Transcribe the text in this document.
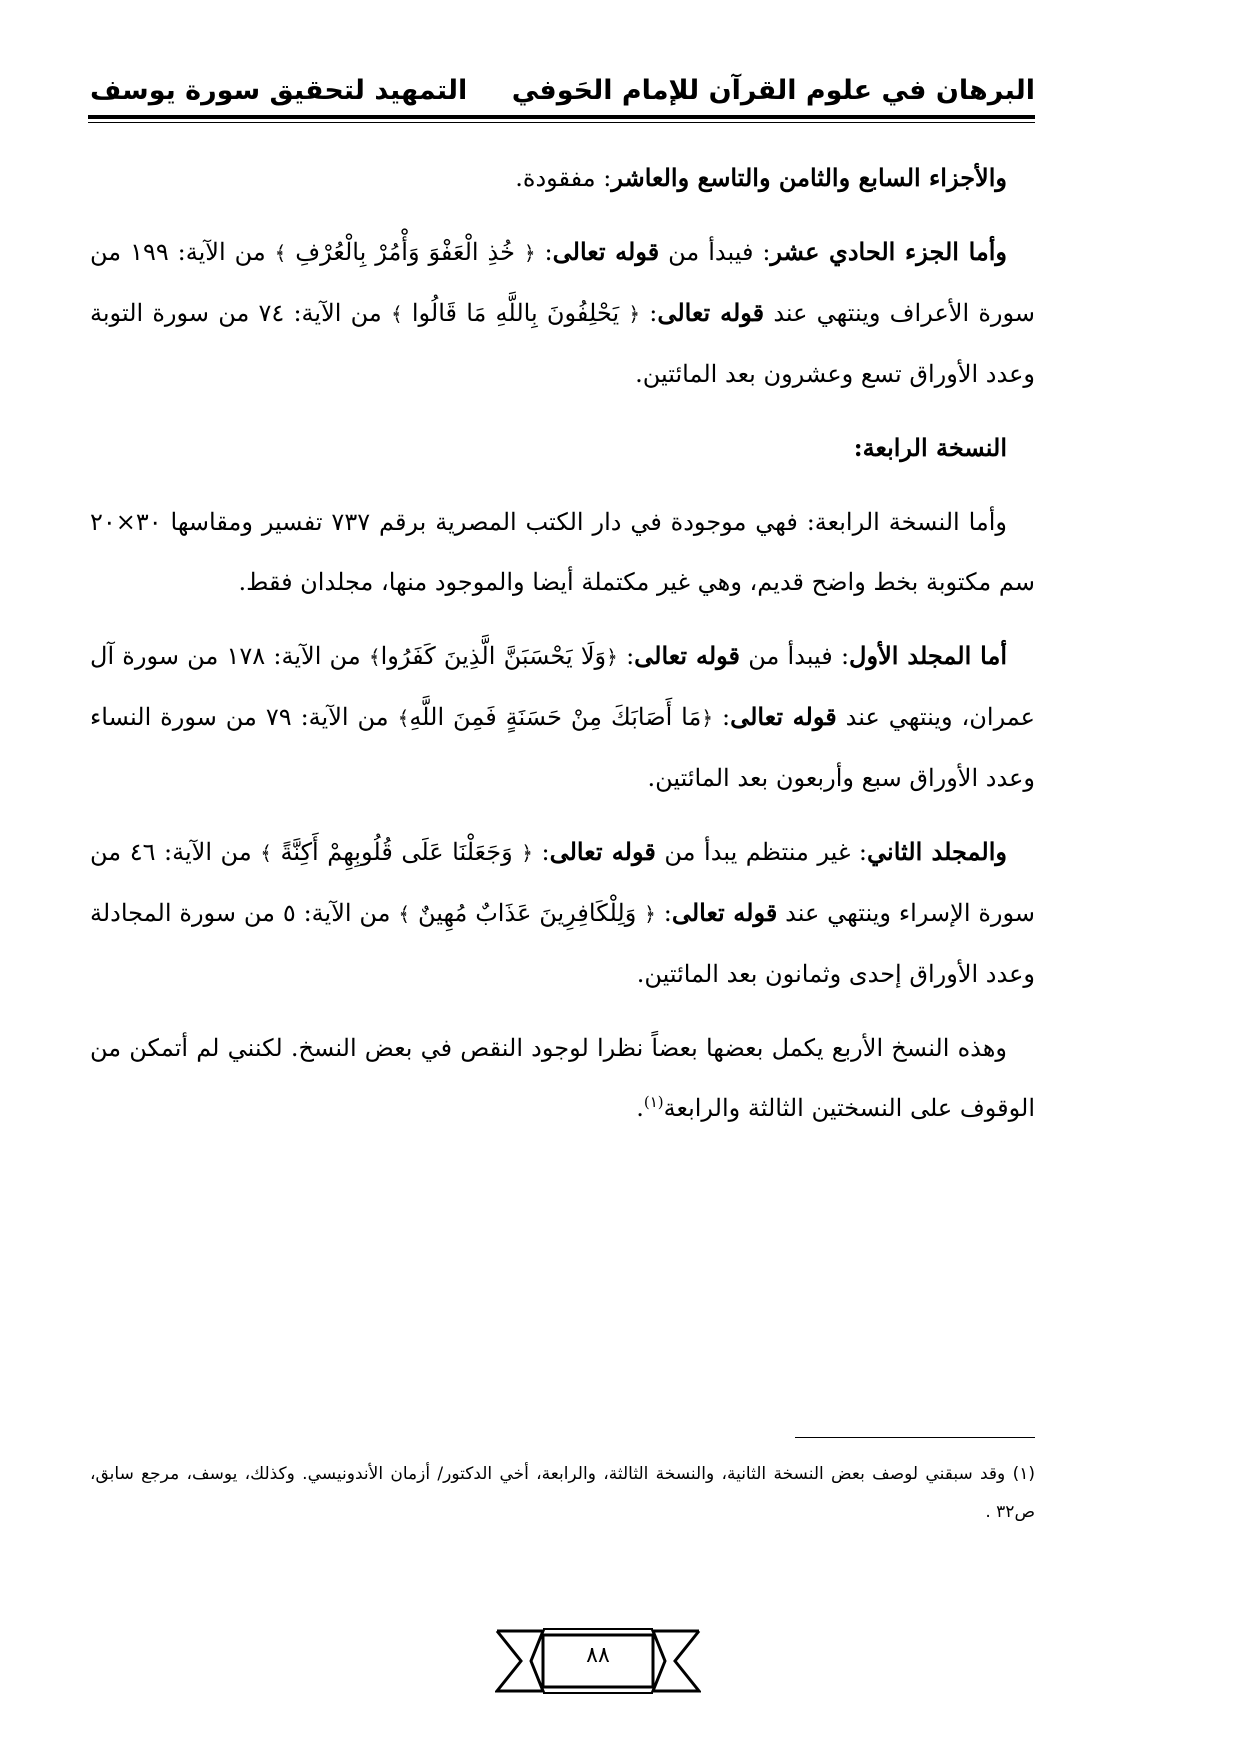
البرهان في علوم القرآن للإمام الحَوفي
التمهيد لتحقيق سورة يوسف

والأجزاء السابع والثامن والتاسع والعاشر: مفقودة.

وأما الجزء الحادي عشر: فيبدأ من قوله تعالى: ﴿ خُذِ الْعَفْوَ وَأْمُرْ بِالْعُرْفِ ﴾ من الآية: ١٩٩ من سورة الأعراف وينتهي عند قوله تعالى: ﴿ يَحْلِفُونَ بِاللَّهِ مَا قَالُوا ﴾ من الآية: ٧٤ من سورة التوبة وعدد الأوراق تسع وعشرون بعد المائتين.

النسخة الرابعة:

وأما النسخة الرابعة: فهي موجودة في دار الكتب المصرية برقم ٧٣٧ تفسير ومقاسها ٣٠×٢٠ سم مكتوبة بخط واضح قديم، وهي غير مكتملة أيضا والموجود منها، مجلدان فقط.

أما المجلد الأول: فيبدأ من قوله تعالى: ﴿وَلَا يَحْسَبَنَّ الَّذِينَ كَفَرُوا﴾ من الآية: ١٧٨ من سورة آل عمران، وينتهي عند قوله تعالى: ﴿مَا أَصَابَكَ مِنْ حَسَنَةٍ فَمِنَ اللَّهِ﴾ من الآية: ٧٩ من سورة النساء وعدد الأوراق سبع وأربعون بعد المائتين.

والمجلد الثاني: غير منتظم يبدأ من قوله تعالى: ﴿ وَجَعَلْنَا عَلَى قُلُوبِهِمْ أَكِنَّةً ﴾ من الآية: ٤٦ من سورة الإسراء وينتهي عند قوله تعالى: ﴿ وَلِلْكَافِرِينَ عَذَابٌ مُهِينٌ ﴾ من الآية: ٥ من سورة المجادلة وعدد الأوراق إحدى وثمانون بعد المائتين.

وهذه النسخ الأربع يكمل بعضها بعضاً نظرا لوجود النقص في بعض النسخ. لكنني لم أتمكن من الوقوف على النسختين الثالثة والرابعة$^{(١)}$.

(١) وقد سبقني لوصف بعض النسخة الثانية، والنسخة الثالثة، والرابعة، أخي الدكتور/ أزمان الأندونيسي. وكذلك، يوسف، مرجع سابق، ص٣٢ .
٨٨
